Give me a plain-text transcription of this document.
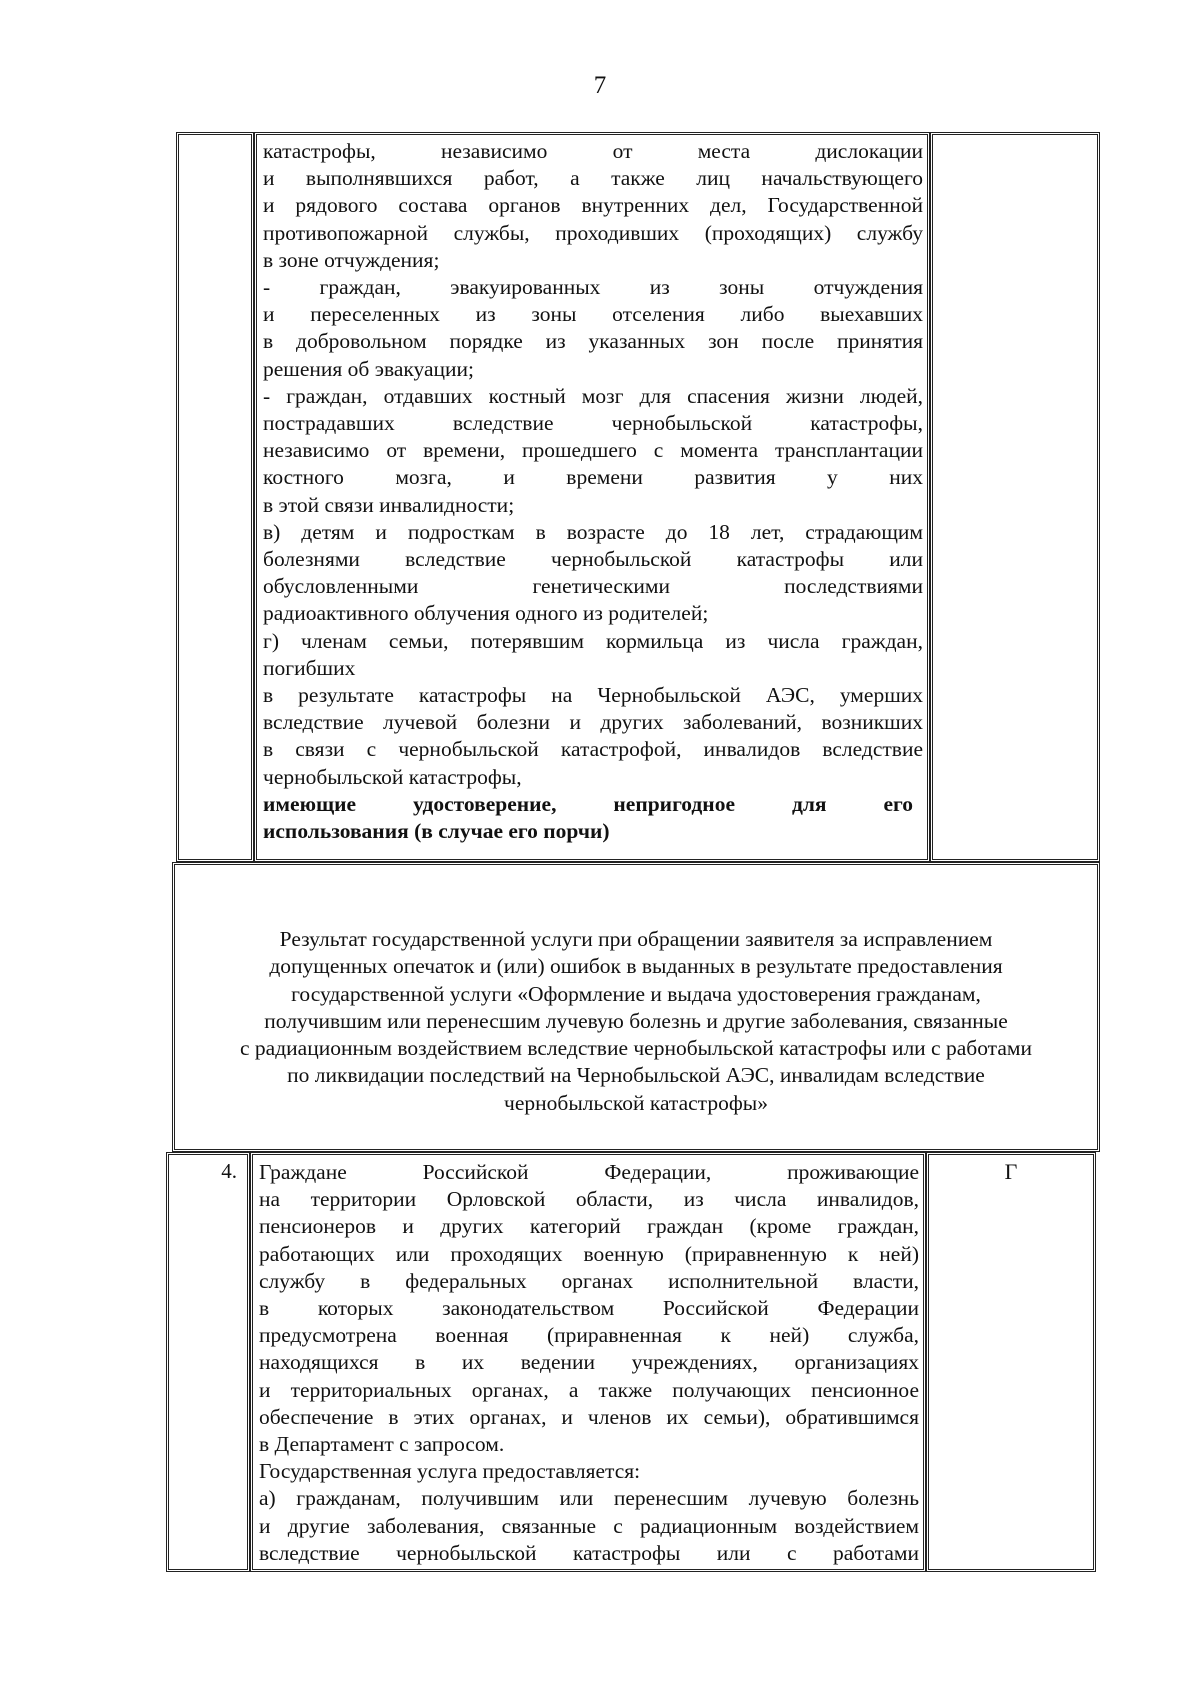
7

катастрофы, независимо от места дислокации

и выполнявшихся работ, а также лиц начальствующего

и рядового состава органов внутренних дел, Государственной

противопожарной службы, проходивших (проходящих) службу

в зоне отчуждения;

- граждан, эвакуированных из зоны отчуждения

и переселенных из зоны отселения либо выехавших

в добровольном порядке из указанных зон после принятия

решения об эвакуации;

- граждан, отдавших костный мозг для спасения жизни людей,

пострадавших вследствие чернобыльской катастрофы,

независимо от времени, прошедшего с момента трансплантации

костного мозга, и времени развития у них

в этой связи инвалидности;

в) детям и подросткам в возрасте до 18 лет, страдающим

болезнями вследствие чернобыльской катастрофы или

обусловленными генетическими последствиями

радиоактивного облучения одного из родителей;

г) членам семьи, потерявшим кормильца из числа граждан,

погибших

в результате катастрофы на Чернобыльской АЭС, умерших

вследствие лучевой болезни и других заболеваний, возникших

в связи с чернобыльской катастрофой, инвалидов вследствие

чернобыльской катастрофы,

имеющие удостоверение, непригодное для его

использования (в случае его порчи)

Результат государственной услуги при обращении заявителя за исправлением
допущенных опечаток и (или) ошибок в выданных в результате предоставления
государственной услуги «Оформление и выдача удостоверения гражданам,
получившим или перенесшим лучевую болезнь и другие заболевания, связанные
с радиационным воздействием вследствие чернобыльской катастрофы или с работами
по ликвидации последствий на Чернобыльской АЭС, инвалидам вследствие
чернобыльской катастрофы»
4.	Граждане Российской Федерации, проживающие

на территории Орловской области, из числа инвалидов,

пенсионеров и других категорий граждан (кроме граждан,

работающих или проходящих военную (приравненную к ней)

службу в федеральных органах исполнительной власти,

в которых законодательством Российской Федерации

предусмотрена военная (приравненная к ней) служба,

находящихся в их ведении учреждениях, организациях

и территориальных органах, а также получающих пенсионное

обеспечение в этих органах, и членов их семьи), обратившимся

в Департамент с запросом.

Государственная услуга предоставляется:

а) гражданам, получившим или перенесшим лучевую болезнь

и другие заболевания, связанные с радиационным воздействием

вследствие чернобыльской катастрофы или с работами

Г
